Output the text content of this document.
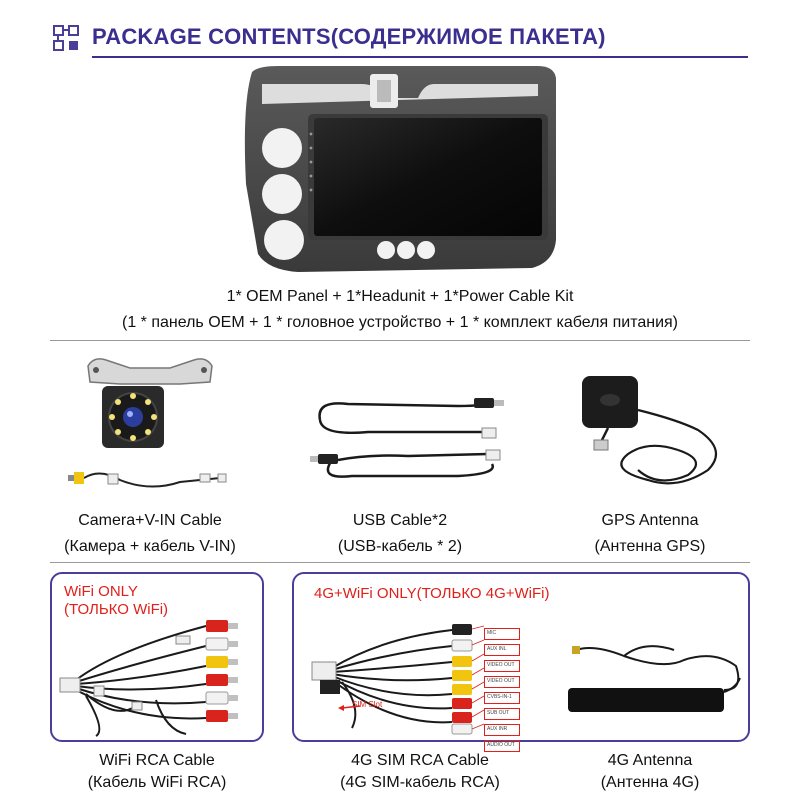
PACKAGE CONTENTS(СОДЕРЖИМОЕ ПАКЕТА)
1* OEM Panel + 1*Headunit + 1*Power Cable Kit
(1 * панель OEM + 1 * головное устройство + 1 * комплект кабеля питания)
Camera+V-IN Cable
(Камера + кабель V-IN)
USB Cable*2
(USB-кабель * 2)
GPS Antenna
(Антенна GPS)
WiFi ONLY
(ТОЛЬКО WiFi)
WiFi RCA Cable
(Кабель WiFi RCA)
4G+WiFi ONLY(ТОЛЬКО 4G+WiFi)
SIM Slot
MIC
AUX INL
VIDEO OUT
VIDEO OUT
CVBS-IN-1
SUB OUT
AUX INR
AUDIO OUT
4G SIM RCA Cable
(4G SIM-кабель RCA)
4G Antenna
(Антенна 4G)
